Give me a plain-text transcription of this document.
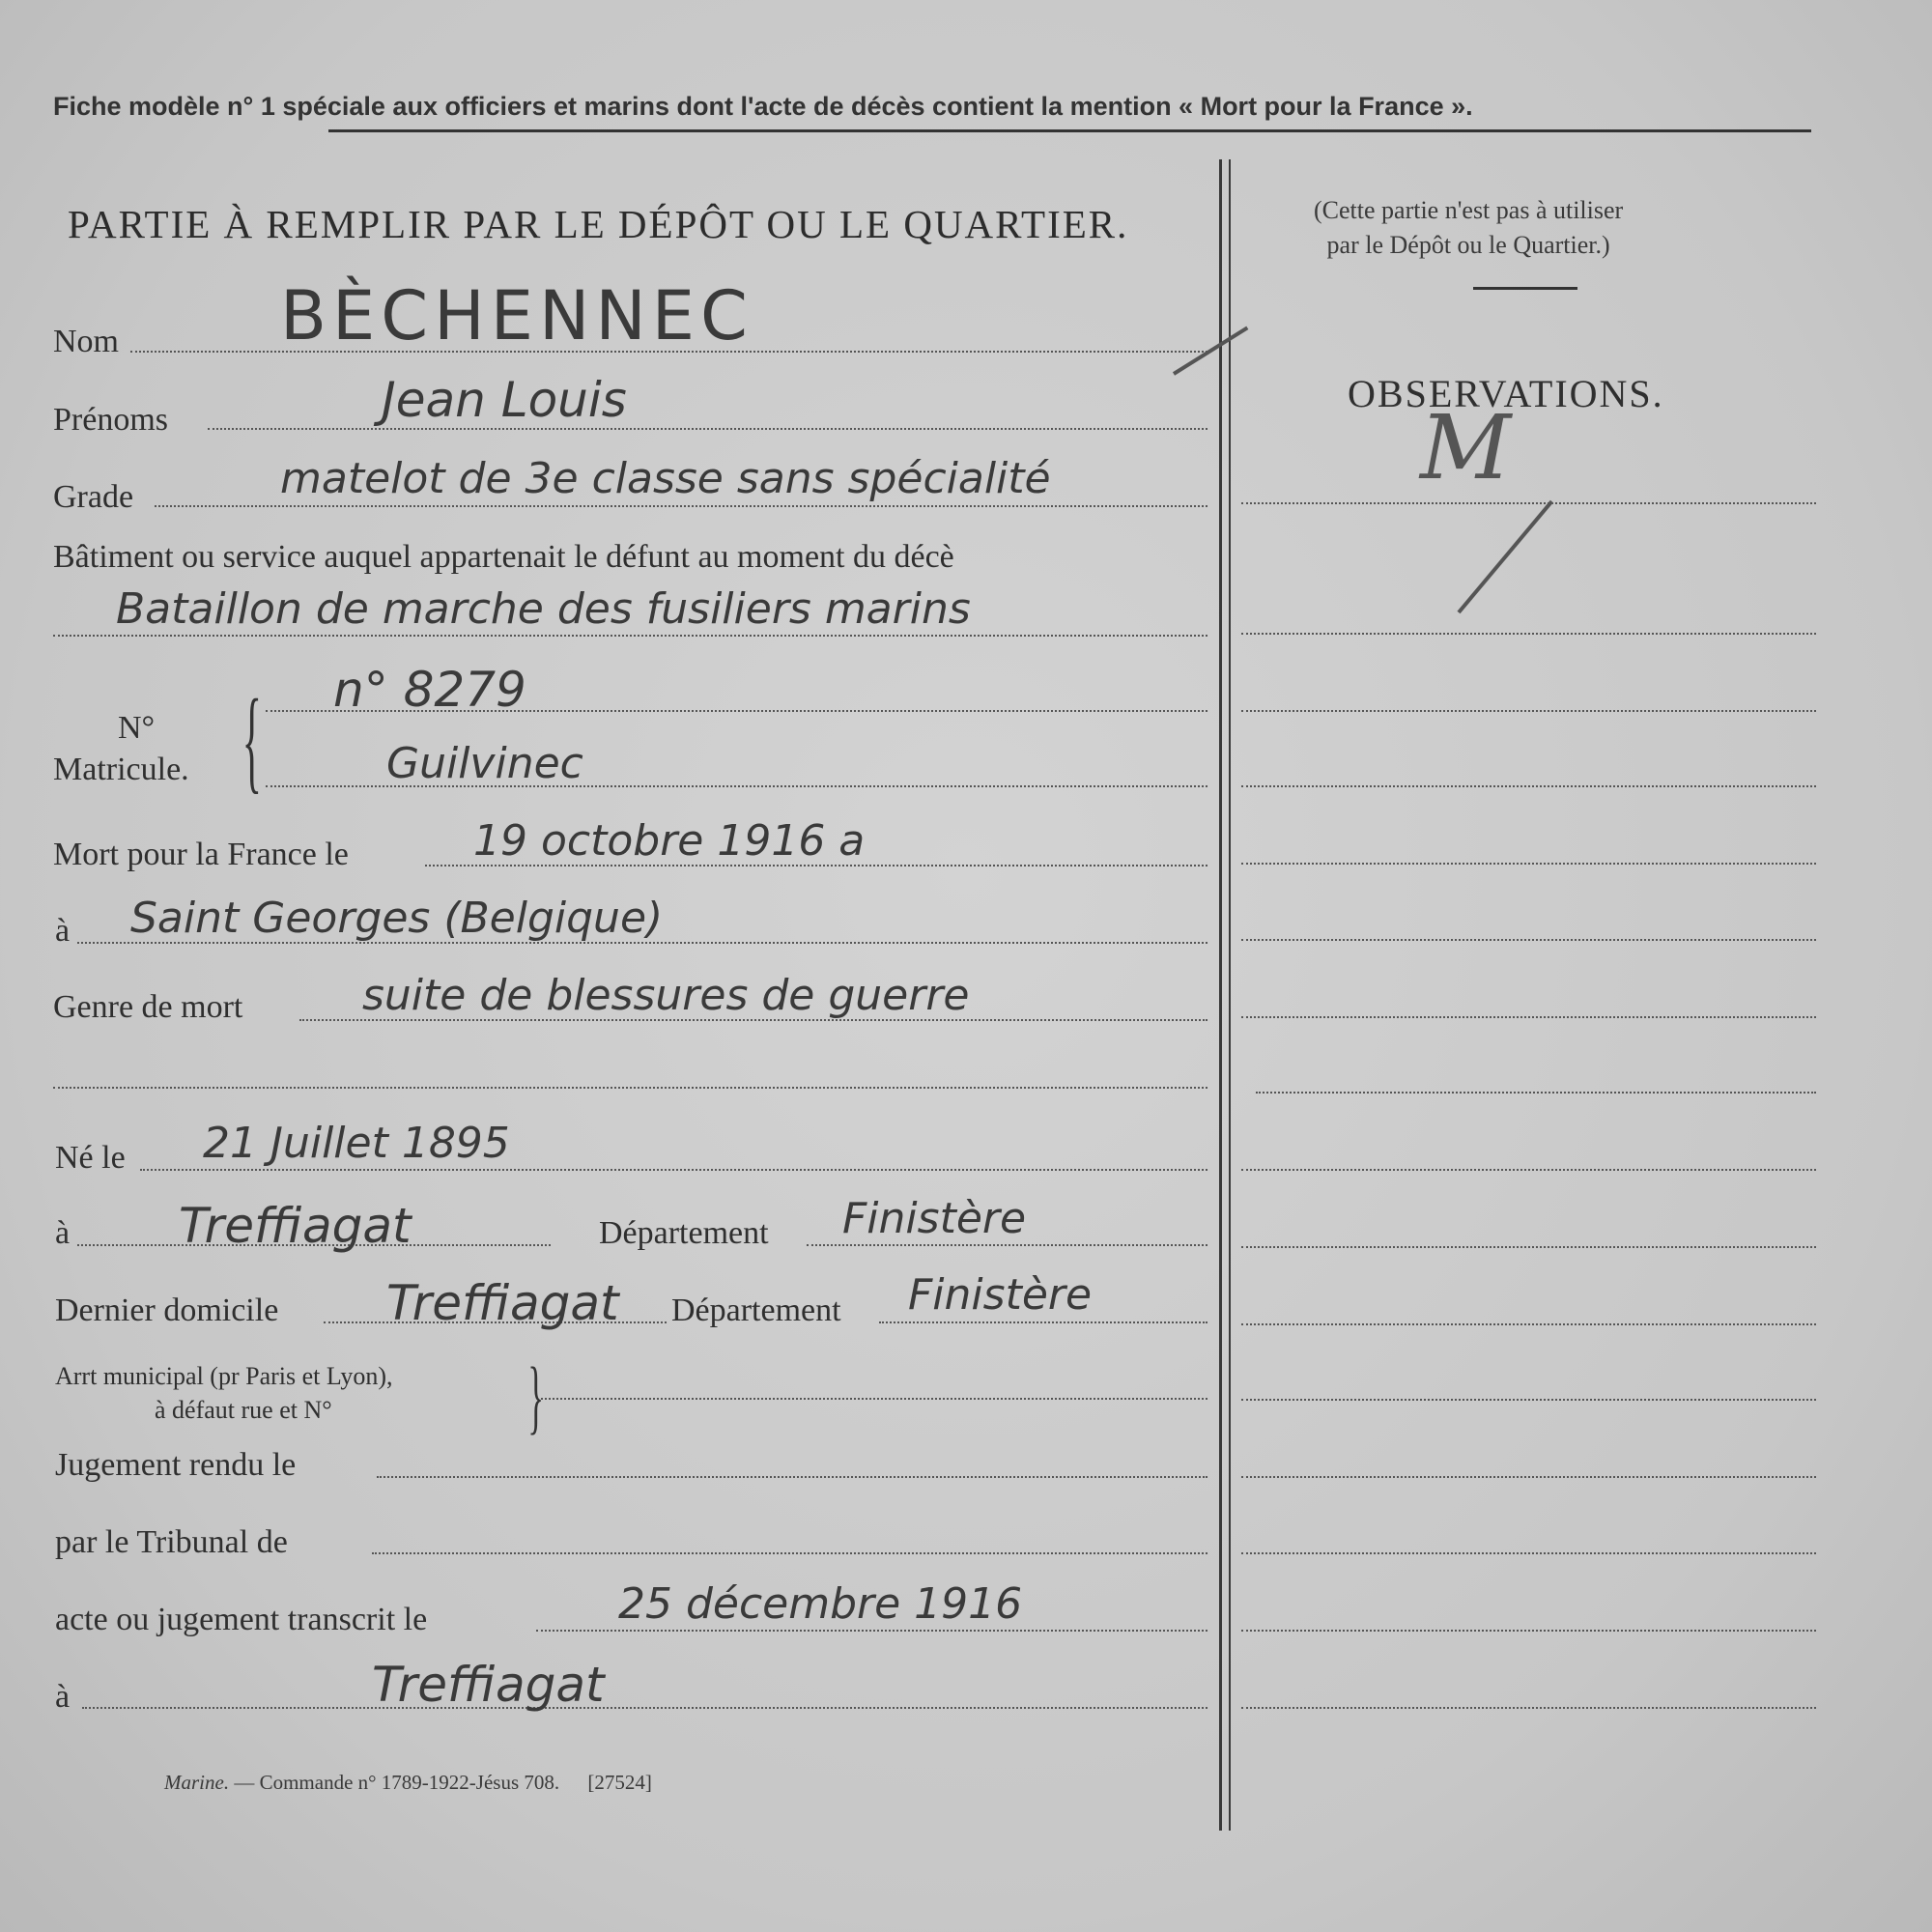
Fiche modèle n° 1 spéciale aux officiers et marins dont l'acte de décès contient la mention « Mort pour la France ».
PARTIE À REMPLIR PAR LE DÉPÔT OU LE QUARTIER.	(Cette partie n'est pas à utiliser
par le Dépôt ou le Quartier.)
OBSERVATIONS.
M
Nom BÈCHENNEC
Prénoms	Jean Louis
Grade	matelot de 3e classe sans spécialité
Bâtiment ou service auquel appartenait le défunt au moment du décè
Bataillon de marche des fusiliers marins
N°
Matricule. { n° 8279
Guilvinec
Mort pour la France le	19 octobre 1916 a
à Saint Georges (Belgique)
Genre de mort	suite de blessures de guerre
Né le 21 Juillet 1895
à Treffiagat	Département Finistère
Dernier domicile Treffiagat Département Finistère
Arrt municipal (pr Paris et Lyon),
à défaut rue et N° }
Jugement rendu le
par le Tribunal de
acte ou jugement transcrit le	25 décembre 1916
à	Treffiagat
Marine. — Commande n° 1789-1922-Jésus 708. [27524]
